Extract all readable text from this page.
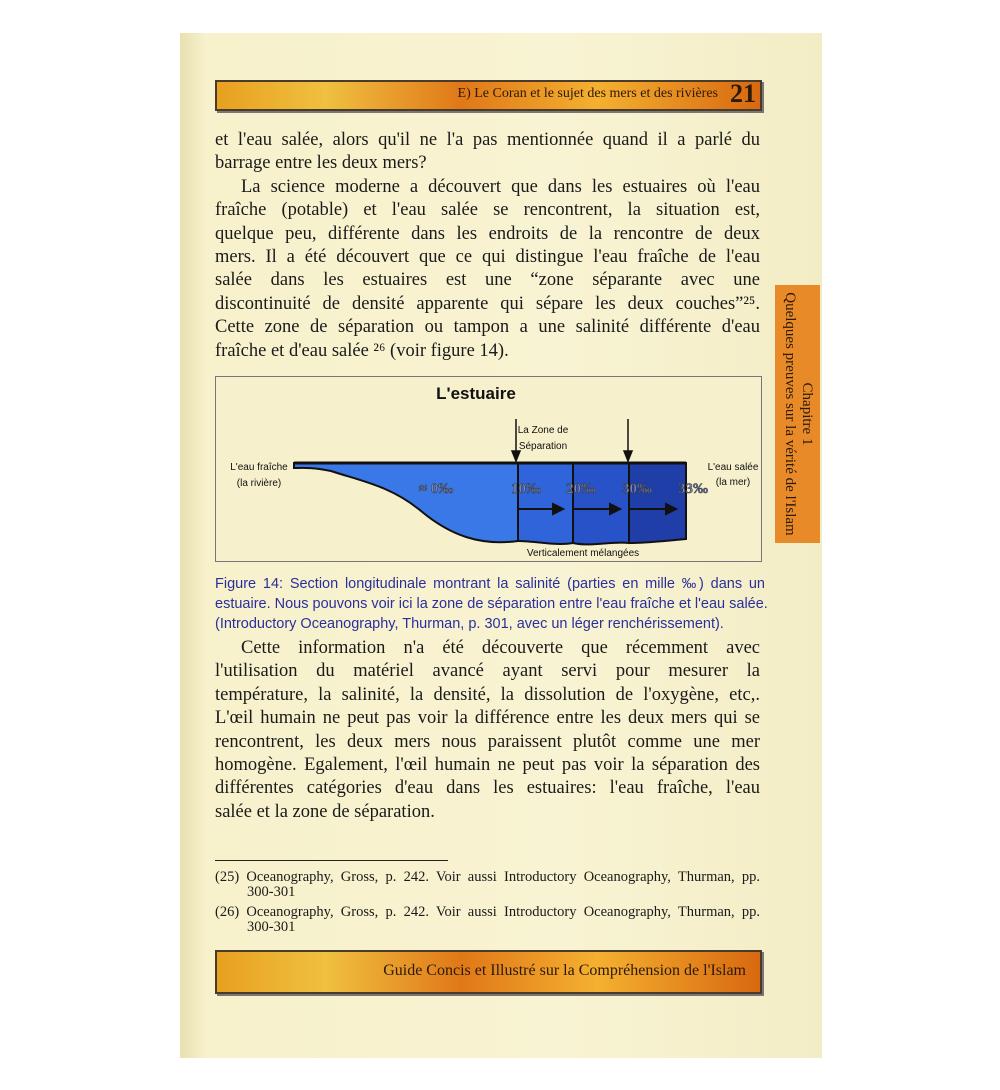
E) Le Coran et le sujet des mers et des rivières 21
Chapitre 1
Quelques preuves sur la vérité de l'Islam
et l'eau salée, alors qu'il ne l'a pas mentionnée quand il a parlé du
barrage entre les deux mers?
La science moderne a découvert que dans les estuaires où l'eau
fraîche (potable) et l'eau salée se rencontrent, la situation est,
quelque peu, différente dans les endroits de la rencontre de deux
mers. Il a été découvert que ce qui distingue l'eau fraîche de l'eau
salée dans les estuaires est une “zone séparante avec une
discontinuité de densité apparente qui sépare les deux couches”²⁵.
Cette zone de séparation ou tampon a une salinité différente d'eau
fraîche et d'eau salée ²⁶ (voir figure 14).
L'estuaire
La Zone de
Séparation
L'eau fraîche
(la rivière)
L'eau salée
(la mer)
≈ 0‰	10‰ 20‰ 30‰ 33‰
Verticalement mélangées
Figure 14: Section longitudinale montrant la salinité (parties en mille ‰) dans un
estuaire. Nous pouvons voir ici la zone de séparation entre l'eau fraîche et l'eau salée.
(Introductory Oceanography, Thurman, p. 301, avec un léger renchérissement).
Cette information n'a été découverte que récemment avec
l'utilisation du matériel avancé ayant servi pour mesurer la
température, la salinité, la densité, la dissolution de l'oxygène, etc,.
L'œil humain ne peut pas voir la différence entre les deux mers qui se
rencontrent, les deux mers nous paraissent plutôt comme une mer
homogène. Egalement, l'œil humain ne peut pas voir la séparation des
différentes catégories d'eau dans les estuaires: l'eau fraîche, l'eau
salée et la zone de séparation.
(25) Oceanography, Gross, p. 242. Voir aussi Introductory Oceanography, Thurman, pp.
300-301
(26) Oceanography, Gross, p. 242. Voir aussi Introductory Oceanography, Thurman, pp.
300-301
Guide Concis et Illustré sur la Compréhension de l'Islam
